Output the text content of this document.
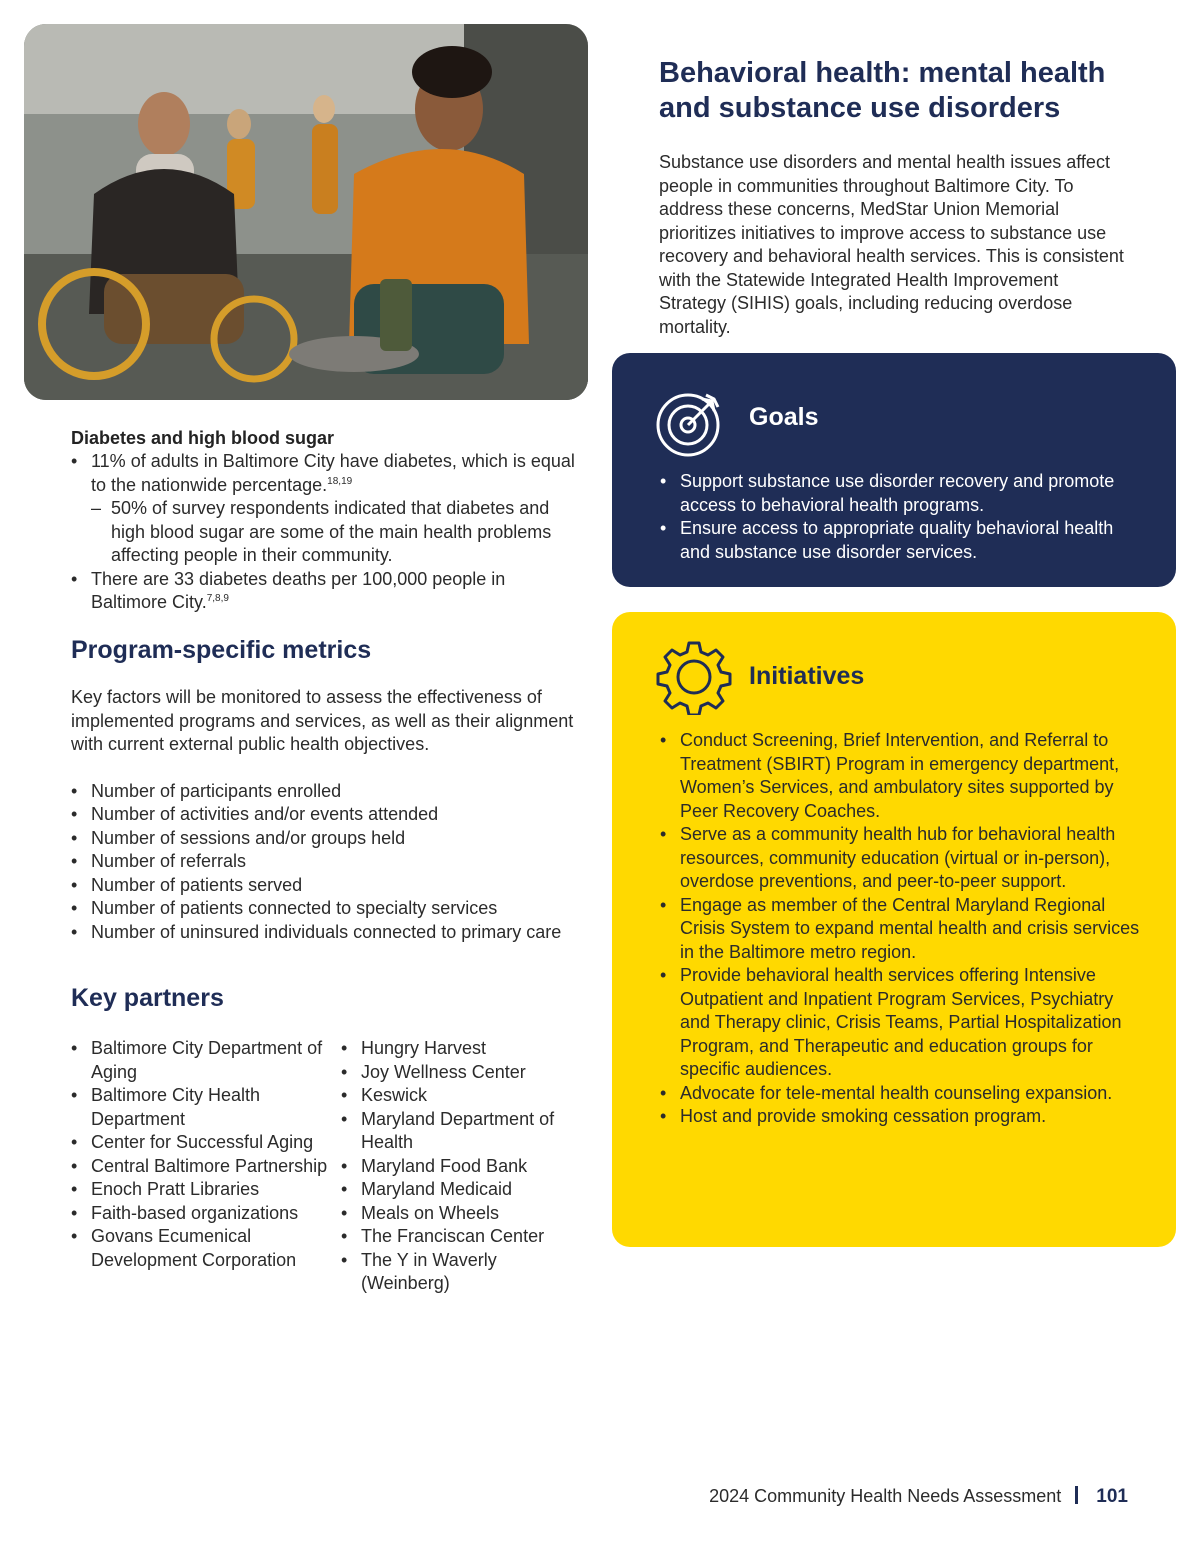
Diabetes and high blood sugar
• 11% of adults in Baltimore City have diabetes, which is equal to the nationwide percentage.$^{18,19}$
– 50% of survey respondents indicated that diabetes and high blood sugar are some of the main health problems affecting people in their community.
• There are 33 diabetes deaths per 100,000 people in Baltimore City.$^{7,8,9}$
Program-specific metrics

Key factors will be monitored to assess the effectiveness of implemented programs and services, as well as their alignment with current external public health objectives.

• Number of participants enrolled
• Number of activities and/or events attended
• Number of sessions and/or groups held
• Number of referrals
• Number of patients served
• Number of patients connected to specialty services
• Number of uninsured individuals connected to primary care
Key partners
• Baltimore City Department of Aging
• Baltimore City Health Department
• Center for Successful Aging
• Central Baltimore Partnership
• Enoch Pratt Libraries
• Faith-based organizations
• Govans Ecumenical Development Corporation
• Hungry Harvest
• Joy Wellness Center
• Keswick
• Maryland Department of Health
• Maryland Food Bank
• Maryland Medicaid
• Meals on Wheels
• The Franciscan Center
• The Y in Waverly (Weinberg)
Behavioral health: mental health and substance use disorders

Substance use disorders and mental health issues affect people in communities throughout Baltimore City. To address these concerns, MedStar Union Memorial prioritizes initiatives to improve access to substance use recovery and behavioral health services. This is consistent with the Statewide Integrated Health Improvement Strategy (SIHIS) goals, including reducing overdose mortality.

Goals
• Support substance use disorder recovery and promote access to behavioral health programs.
• Ensure access to appropriate quality behavioral health and substance use disorder services.
Initiatives
• Conduct Screening, Brief Intervention, and Referral to Treatment (SBIRT) Program in emergency department, Women’s Services, and ambulatory sites supported by Peer Recovery Coaches.
• Serve as a community health hub for behavioral health resources, community education (virtual or in-person), overdose preventions, and peer-to-peer support.
• Engage as member of the Central Maryland Regional Crisis System to expand mental health and crisis services in the Baltimore metro region.
• Provide behavioral health services offering Intensive Outpatient and Inpatient Program Services, Psychiatry and Therapy clinic, Crisis Teams, Partial Hospitalization Program, and Therapeutic and education groups for specific audiences.
• Advocate for tele-mental health counseling expansion.
• Host and provide smoking cessation program.
2024 Community Health Needs Assessment 101
